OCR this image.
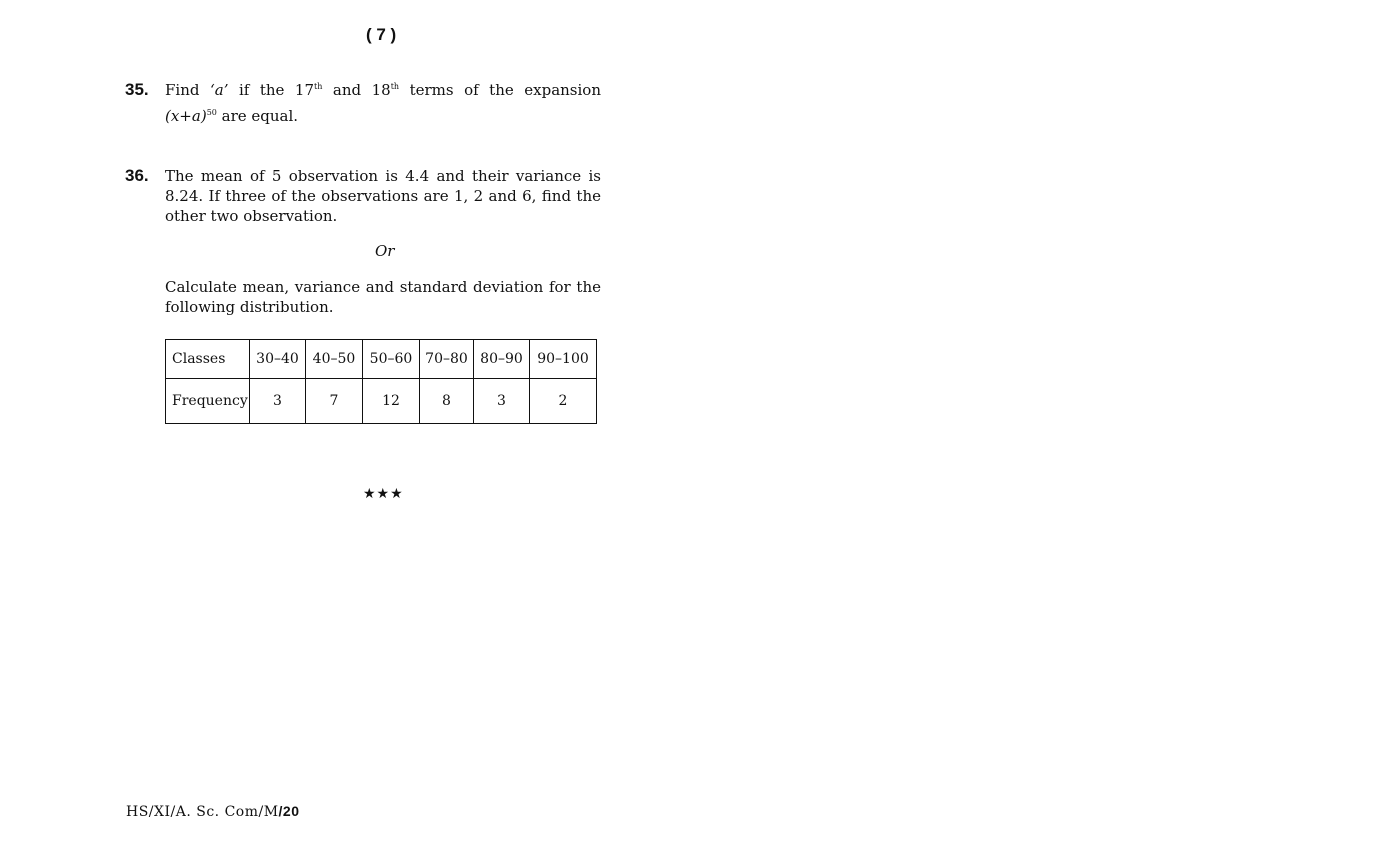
( 7 )
35. Find ‘a’ if the 17th and 18th terms of the expansion
$(x+a)^{50}$ are equal.
36. The mean of 5 observation is 4.4 and their variance is 8.24. If three of the observations are 1, 2 and 6, find the other two observation.
Or
Calculate mean, variance and standard deviation for the following distribution.
Classes	30–40	40–50	50–60	70–80	80–90	90–100
Frequency	3	7	12	8	3	2
★★★
HS/XI/A. Sc. Com/M/20
